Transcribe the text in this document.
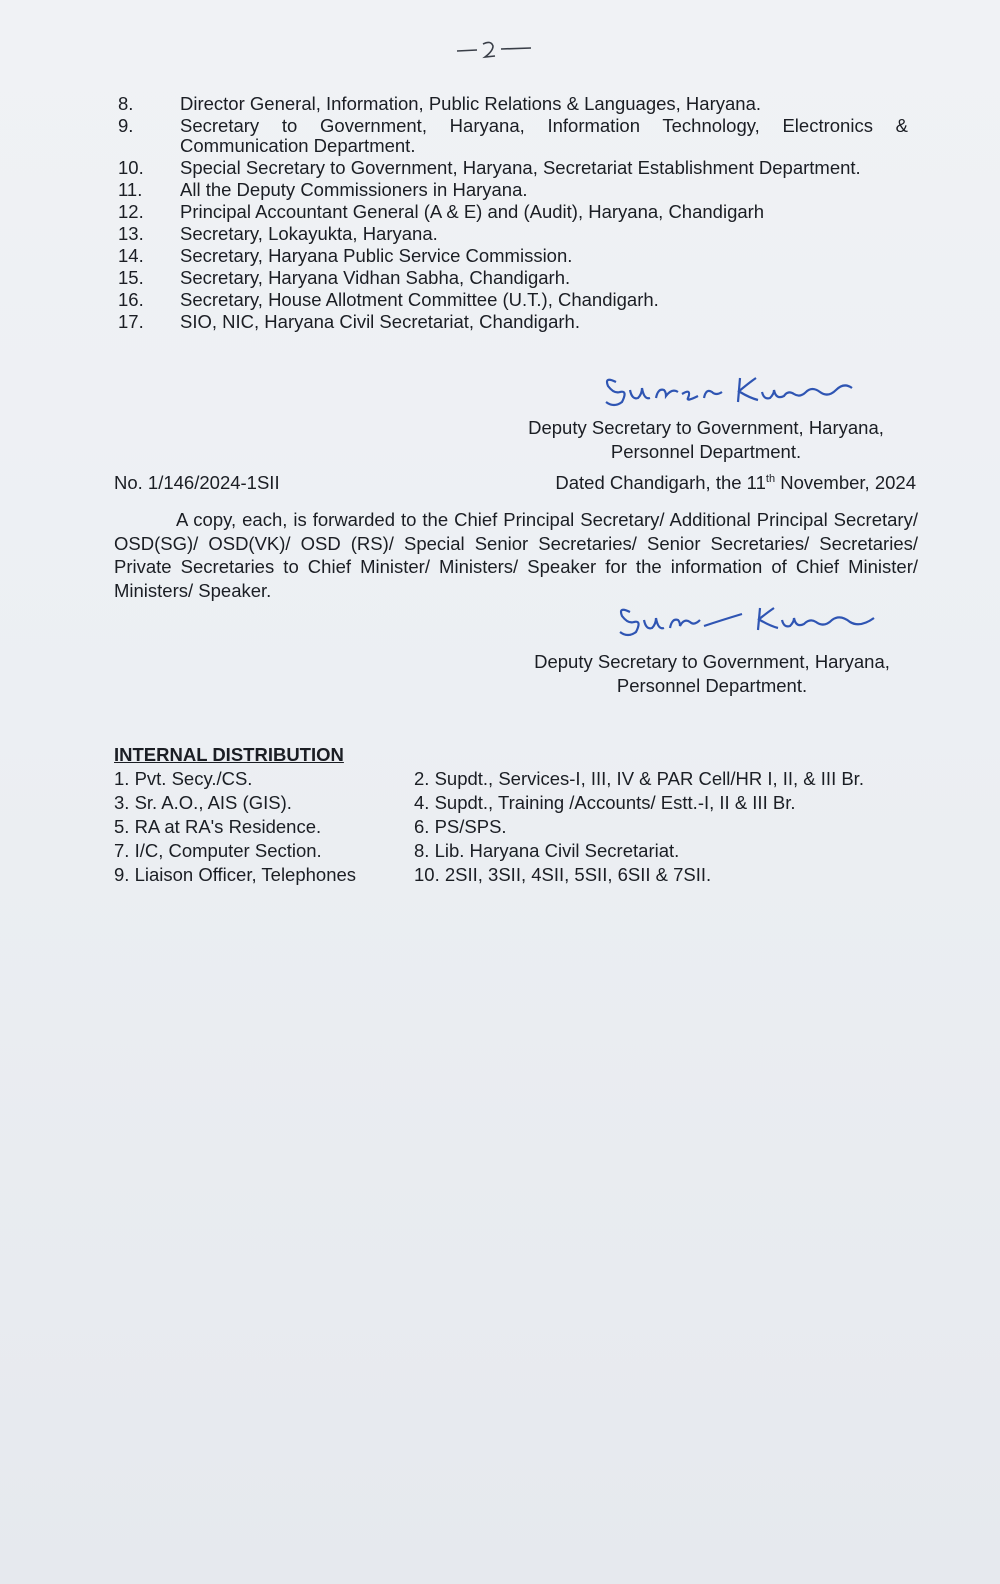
8.	Director General, Information, Public Relations & Languages, Haryana.
9.	Secretary to Government, Haryana, Information Technology, Electronics & Communication Department.
10.	Special Secretary to Government, Haryana, Secretariat Establishment Department.
11.	All the Deputy Commissioners in Haryana.
12.	Principal Accountant General (A & E) and (Audit), Haryana, Chandigarh
13.	Secretary, Lokayukta, Haryana.
14.	Secretary, Haryana Public Service Commission.
15.	Secretary, Haryana Vidhan Sabha, Chandigarh.
16.	Secretary, House Allotment Committee (U.T.), Chandigarh.
17.	SIO, NIC, Haryana Civil Secretariat, Chandigarh.
Deputy Secretary to Government, Haryana,
Personnel Department.
No. 1/146/2024-1SII	Dated Chandigarh, the 11th November, 2024
A copy, each, is forwarded to the Chief Principal Secretary/ Additional Principal Secretary/ OSD(SG)/ OSD(VK)/ OSD (RS)/ Special Senior Secretaries/ Senior Secretaries/ Secretaries/ Private Secretaries to Chief Minister/ Ministers/ Speaker for the information of Chief Minister/ Ministers/ Speaker.
Deputy Secretary to Government, Haryana,
Personnel Department.
INTERNAL DISTRIBUTION
1. Pvt. Secy./CS.	2. Supdt., Services-I, III, IV & PAR Cell/HR I, II, & III Br.
3. Sr. A.O., AIS (GIS).	4. Supdt., Training /Accounts/ Estt.-I, II & III Br.
5. RA at RA's Residence.	6. PS/SPS.
7. I/C, Computer Section.	8. Lib. Haryana Civil Secretariat.
9. Liaison Officer, Telephones	10. 2SII, 3SII, 4SII, 5SII, 6SII & 7SII.
